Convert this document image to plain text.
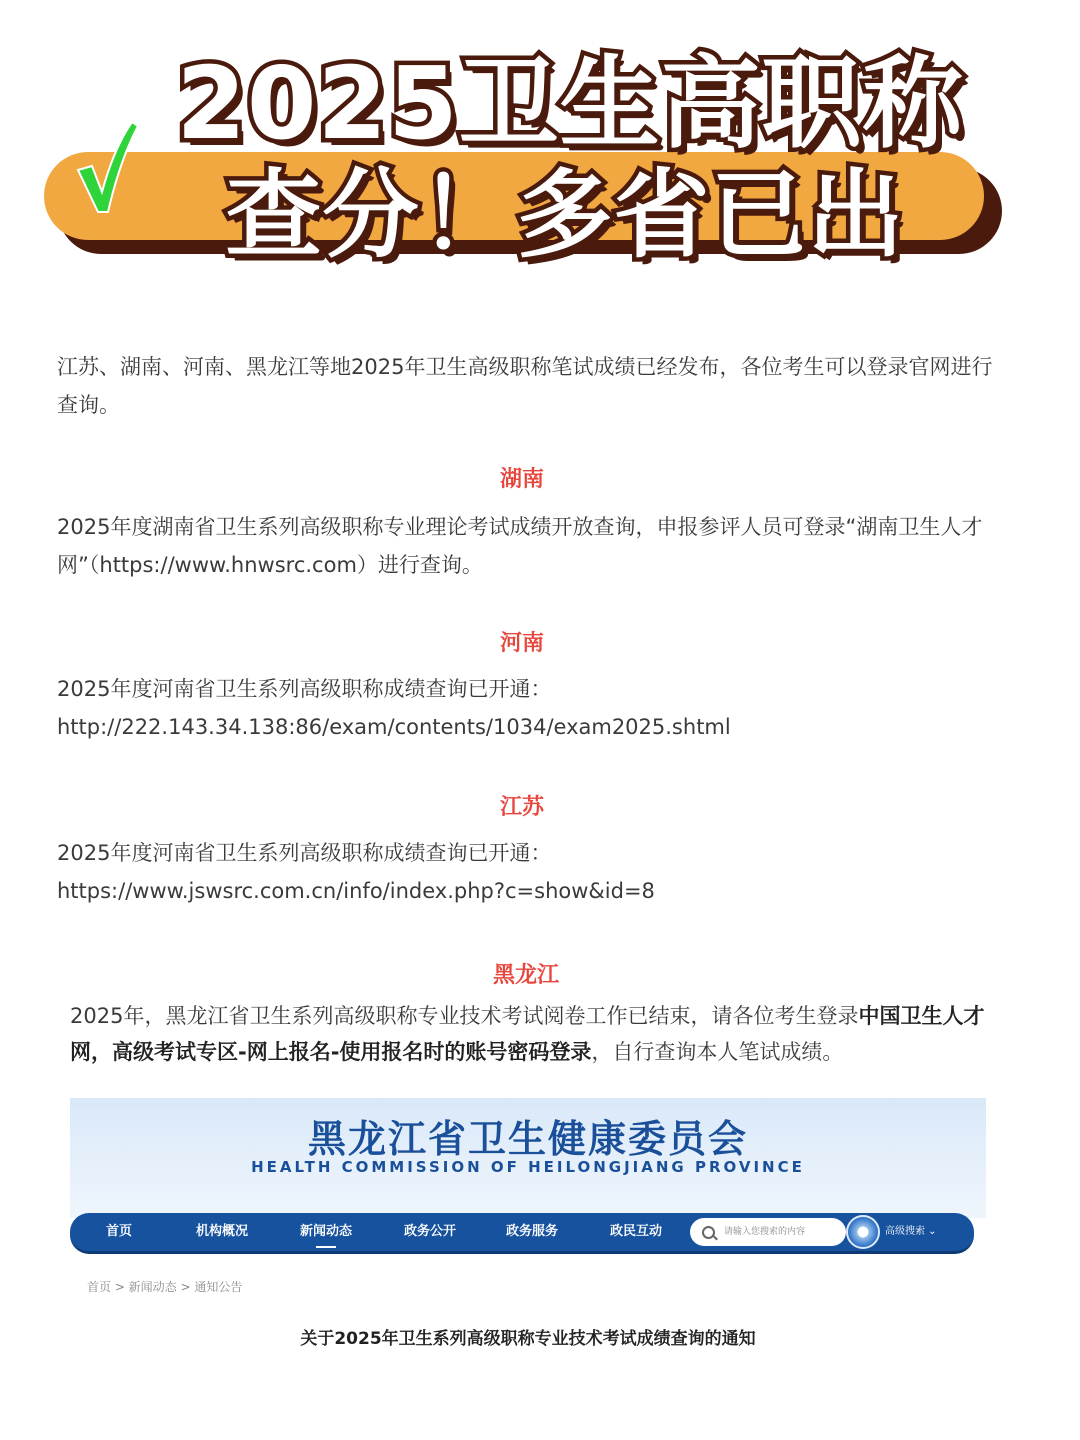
2025卫生高职称
查分！多省已出
江苏、湖南、河南、黑龙江等地2025年卫生高级职称笔试成绩已经发布，各位考生可以登录官网进行查询。
湖南
2025年度湖南省卫生系列高级职称专业理论考试成绩开放查询，申报参评人员可登录“湖南卫生人才网”（https://www.hnwsrc.com）进行查询。
河南
2025年度河南省卫生系列高级职称成绩查询已开通：
http://222.143.34.138:86/exam/contents/1034/exam2025.shtml
江苏
2025年度河南省卫生系列高级职称成绩查询已开通：
https://www.jswsrc.com.cn/info/index.php?c=show&id=8
黑龙江
2025年，黑龙江省卫生系列高级职称专业技术考试阅卷工作已结束，请各位考生登录中国卫生人才网，高级考试专区-网上报名-使用报名时的账号密码登录，自行查询本人笔试成绩。
黑龙江省卫生健康委员会
HEALTH COMMISSION OF HEILONGJIANG PROVINCE
首页	机构概况	新闻动态	政务公开	政务服务	政民互动	请输入您搜索的内容	高级搜索 ⌄
首页 > 新闻动态 > 通知公告
关于2025年卫生系列高级职称专业技术考试成绩查询的通知
